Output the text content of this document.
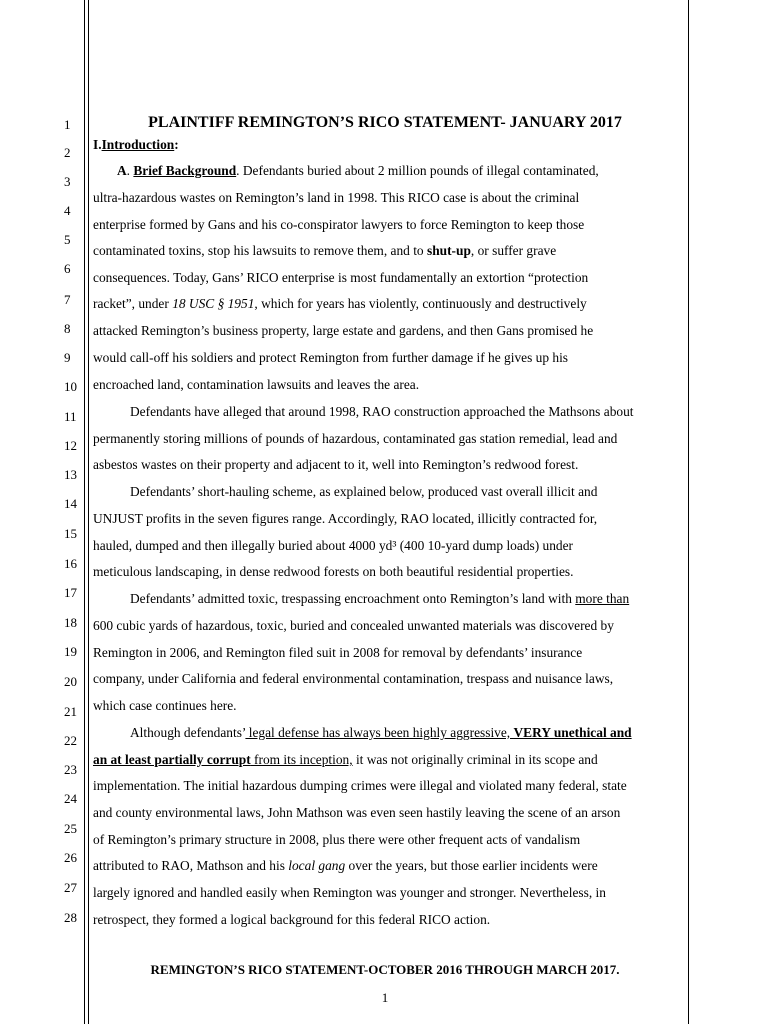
1
2
3
4
5
6
7
8
9
10
11
12
13
14
15
16
17
18
19
20
21
22
23
24
25
26
27
28
PLAINTIFF REMINGTON’S RICO STATEMENT- JANUARY 2017
I.Introduction:
A. Brief Background. Defendants buried about 2 million pounds of illegal contaminated,
ultra-hazardous wastes on Remington’s land in 1998. This RICO case is about the criminal
enterprise formed by Gans and his co-conspirator lawyers to force Remington to keep those
contaminated toxins, stop his lawsuits to remove them, and to shut-up, or suffer grave
consequences. Today, Gans’ RICO enterprise is most fundamentally an extortion “protection
racket”, under 18 USC § 1951, which for years has violently, continuously and destructively
attacked Remington’s business property, large estate and gardens, and then Gans promised he
would call-off his soldiers and protect Remington from further damage if he gives up his
encroached land, contamination lawsuits and leaves the area.
Defendants have alleged that around 1998, RAO construction approached the Mathsons about
permanently storing millions of pounds of hazardous, contaminated gas station remedial, lead and
asbestos wastes on their property and adjacent to it, well into Remington’s redwood forest.
Defendants’ short-hauling scheme, as explained below, produced vast overall illicit and
UNJUST profits in the seven figures range. Accordingly, RAO located, illicitly contracted for,
hauled, dumped and then illegally buried about 4000 yd³ (400 10-yard dump loads) under
meticulous landscaping, in dense redwood forests on both beautiful residential properties.
Defendants’ admitted toxic, trespassing encroachment onto Remington’s land with more than
600 cubic yards of hazardous, toxic, buried and concealed unwanted materials was discovered by
Remington in 2006, and Remington filed suit in 2008 for removal by defendants’ insurance
company, under California and federal environmental contamination, trespass and nuisance laws,
which case continues here.
Although defendants’ legal defense has always been highly aggressive, VERY unethical and
an at least partially corrupt from its inception, it was not originally criminal in its scope and
implementation. The initial hazardous dumping crimes were illegal and violated many federal, state
and county environmental laws, John Mathson was even seen hastily leaving the scene of an arson
of Remington’s primary structure in 2008, plus there were other frequent acts of vandalism
attributed to RAO, Mathson and his local gang over the years, but those earlier incidents were
largely ignored and handled easily when Remington was younger and stronger. Nevertheless, in
retrospect, they formed a logical background for this federal RICO action.
REMINGTON’S RICO STATEMENT-OCTOBER 2016 THROUGH MARCH 2017.
1
